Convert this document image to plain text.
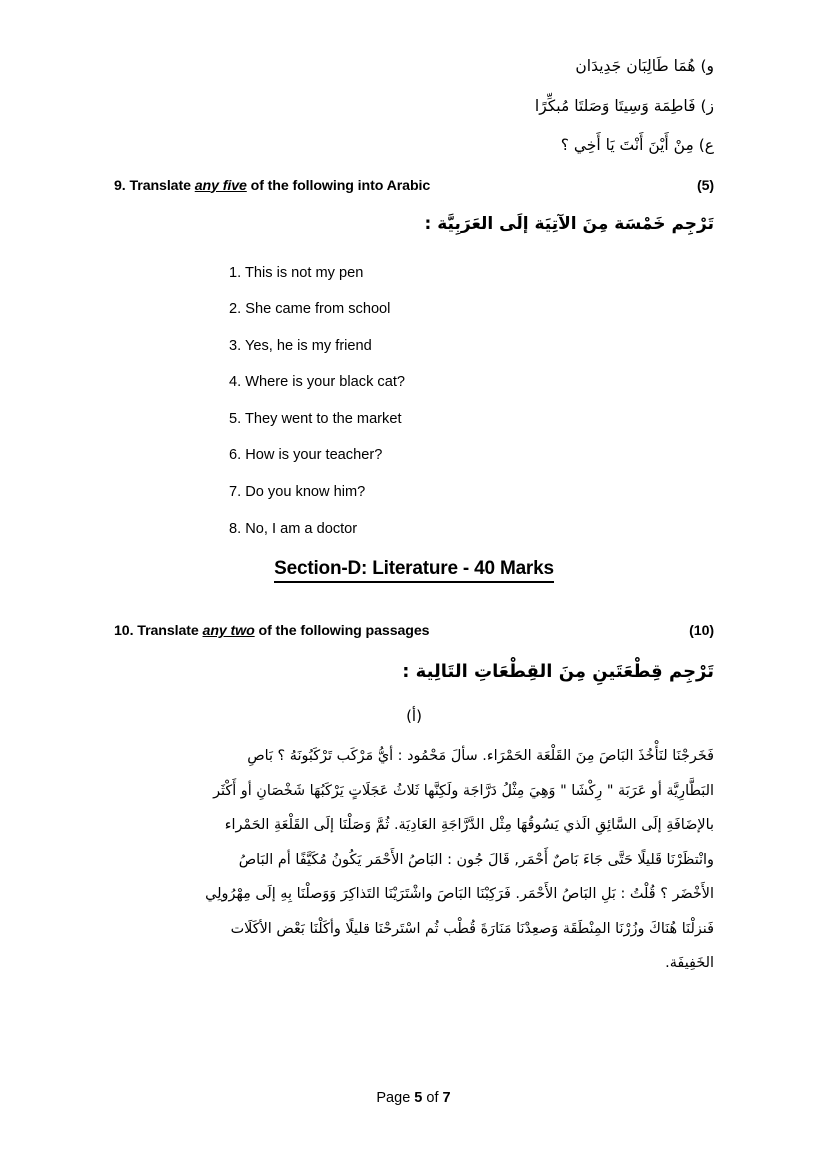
و) هُمَا طَالِبَان جَدِيدَان
ز) فَاطِمَة وَسِيتَا وَصَلتَا مُبكِّرًا
ع) مِنْ أَيْنَ أَنْتَ يَا أَخِي ؟
9. Translate any five of the following into Arabic	(5)
تَرْجِم خَمْسَة مِنَ الآتِيَة إلَى العَرَبِيَّة :
1. This is not my pen
2. She came from school
3. Yes, he is my friend
4. Where is your black cat?
5. They went to the market
6. How is your teacher?
7. Do you know him?
8. No, I am a doctor
Section-D: Literature - 40 Marks
10. Translate any two of the following passages	(10)
تَرْجِم قِطْعَتَينِ مِنَ القِطْعَاتِ التَالِية :
(أ)
فَخَرجْنَا لنَأْخُذَ البَاصَ مِنَ القَلْعَة الحَمْرَاء. سألَ مَحْمُود : أيُّ مَرْكَب تَرْكَبُونَهُ ؟ بَاصِ
البَطَّارِيَّة أو عَرَبَة " رِكْشَا " وَهِيَ مِثْلُ دَرَّاجَة ولَكِنَّها ثَلاثُ عَجَلَاتٍ يَرْكَبُهَا شَخْصَانِ أو أَكْثَر
بالإضَافَةِ إلَى السَّائِقِ الَذي يَسُوقُهَا مِثْل الدَّرَّاجَةِ العَادِيَة. ثُمَّ وَصَلْنَا إلَى القَلْعَةِ الحَمْراء
وانْتظَرْنَا قَليلًا حَتَّى جَاءَ بَاصٌ أَحْمَر, قَالَ جُون : البَاصُ الأَحْمَر يَكُونُ مُكَيَّفًا أم البَاصُ
الأَخْضَر ؟ قُلْتُ : بَلِ البَاصُ الأَحْمَر. فَرَكِبْنَا البَاصَ واشْتَرَيْنَا التَذاكِرَ وَوَصلْنَا بِهِ إلَى مِهْرُولِي
فَنزلْنَا هُنَاكَ وزُرْنَا المِنْطَقَة وَصعِدْنَا مَنَارَةَ قُطْب ثُم اسْتَرحْنَا قليلًا وأكَلْنَا بَعْض الأكَلَات
الخَفِيفَة.
Page 5 of 7
